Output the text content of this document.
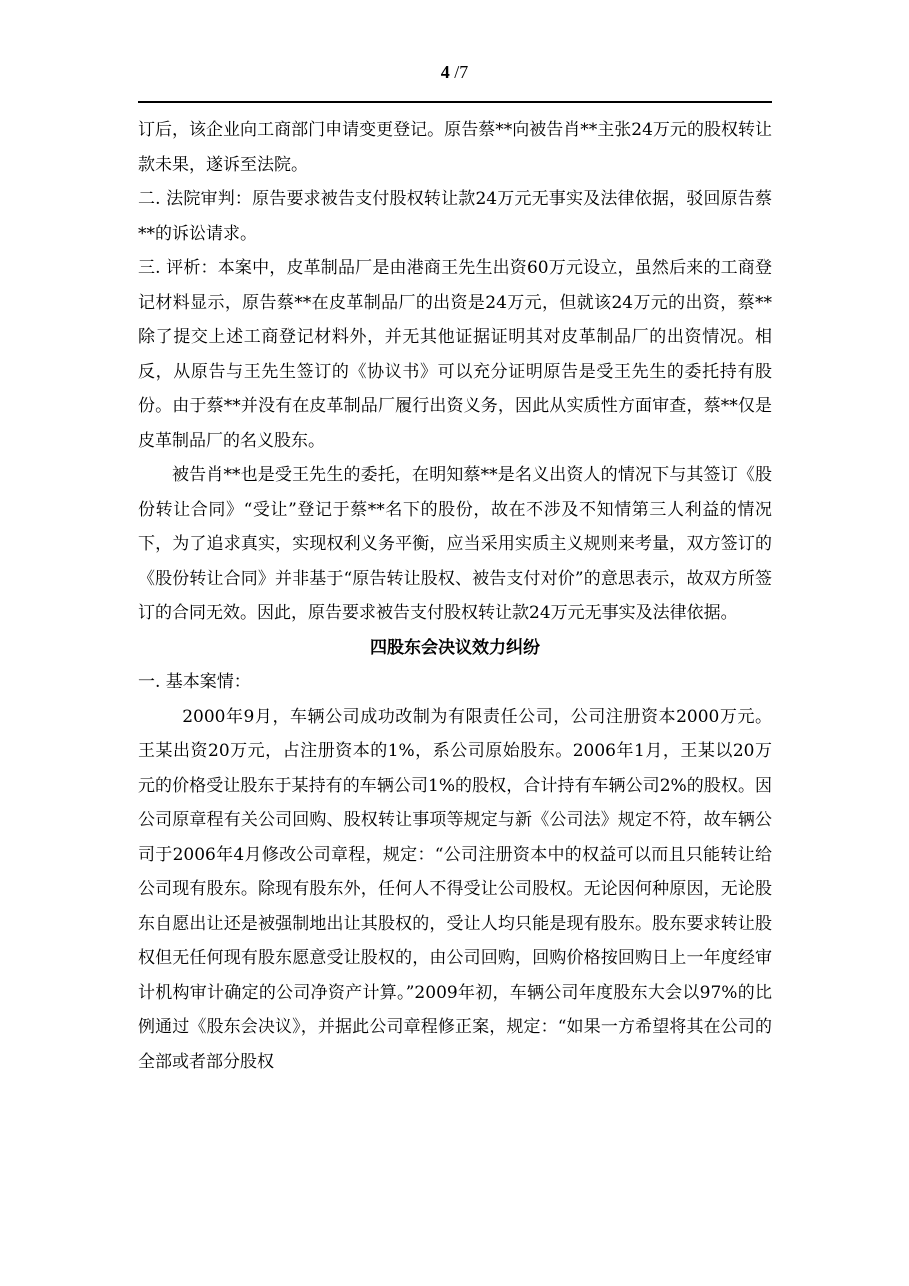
4 /7

订后，该企业向工商部门申请变更登记。原告蔡**向被告肖**主张24万元的股权转让款未果，遂诉至法院。

二. 法院审判：原告要求被告支付股权转让款24万元无事实及法律依据，驳回原告蔡**的诉讼请求。

三. 评析：本案中，皮革制品厂是由港商王先生出资60万元设立，虽然后来的工商登记材料显示，原告蔡**在皮革制品厂的出资是24万元，但就该24万元的出资，蔡**除了提交上述工商登记材料外，并无其他证据证明其对皮革制品厂的出资情况。相反，从原告与王先生签订的《协议书》可以充分证明原告是受王先生的委托持有股份。由于蔡**并没有在皮革制品厂履行出资义务，因此从实质性方面审查，蔡**仅是皮革制品厂的名义股东。

被告肖**也是受王先生的委托，在明知蔡**是名义出资人的情况下与其签订《股份转让合同》“受让”登记于蔡**名下的股份，故在不涉及不知情第三人利益的情况下，为了追求真实，实现权利义务平衡，应当采用实质主义规则来考量，双方签订的《股份转让合同》并非基于“原告转让股权、被告支付对价”的意思表示，故双方所签订的合同无效。因此，原告要求被告支付股权转让款24万元无事实及法律依据。

四股东会决议效力纠纷

一. 基本案情：

2000年9月，车辆公司成功改制为有限责任公司，公司注册资本2000万元。王某出资20万元，占注册资本的1%，系公司原始股东。2006年1月，王某以20万元的价格受让股东于某持有的车辆公司1%的股权，合计持有车辆公司2%的股权。因公司原章程有关公司回购、股权转让事项等规定与新《公司法》规定不符，故车辆公司于2006年4月修改公司章程，规定：“公司注册资本中的权益可以而且只能转让给公司现有股东。除现有股东外，任何人不得受让公司股权。无论因何种原因，无论股东自愿出让还是被强制地出让其股权的，受让人均只能是现有股东。股东要求转让股权但无任何现有股东愿意受让股权的，由公司回购，回购价格按回购日上一年度经审计机构审计确定的公司净资产计算。”2009年初，车辆公司年度股东大会以97%的比例通过《股东会决议》，并据此公司章程修正案，规定：“如果一方希望将其在公司的全部或者部分股权
